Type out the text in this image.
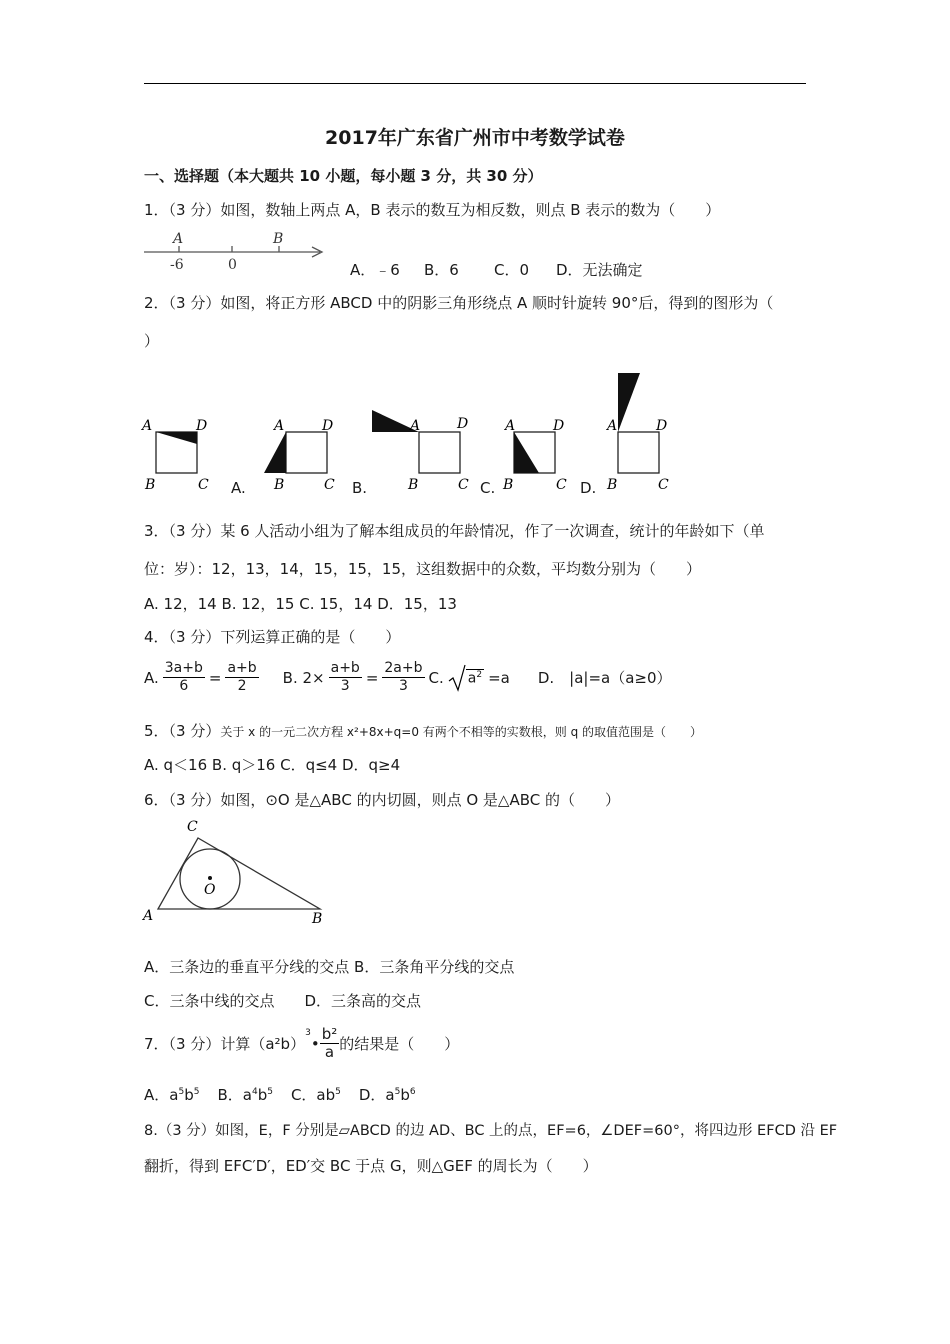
2017年广东省广州市中考数学试卷
一、选择题（本大题共 10 小题，每小题 3 分，共 30 分）
1．（3 分）如图，数轴上两点 A，B 表示的数互为相反数，则点 B 表示的数为（　　）
A	B
-6	0	A．﹣6 B．6 C．0 D．无法确定
2．（3 分）如图，将正方形 ABCD 中的阴影三角形绕点 A 顺时针旋转 90°后，得到的图形为（
）
A	D
B	C A.
A	D
B	C B.
A	D
B	C C.
A	D
B	C D.
A	D
B	C
3．（3 分）某 6 人活动小组为了解本组成员的年龄情况，作了一次调查，统计的年龄如下（单
位：岁）：12，13，14，15，15，15，这组数据中的众数，平均数分别为（　　）
A. 12，14 B. 12，15 C. 15，14 D．15，13
4．（3 分）下列运算正确的是（　　）
A. $\frac{3a+b}{6} = \frac{a+b}{2} B$. $2\times \frac{a+b}{3} = \frac{2a+b}{3} C$. $a^2 =a$ D.　|a|=a（a≥0）
5．（3 分）关于 x 的一元二次方程 x²+8x+q=0 有两个不相等的实数根，则 q 的取值范围是（　　）
A. q＜16 B. q＞16 C．q≤4 D．q≥4
6．（3 分）如图，⊙O 是△ABC 的内切圆，则点 O 是△ABC 的（　　）
C
O
A	B
A．三条边的垂直平分线的交点 B．三条角平分线的交点
C．三条中线的交点　　D．三条高的交点
7．（3 分）计算（a²b）
$^3$
• $\frac{\text{b²}}{a}$ 的结果是（　　）
A．$a^5b^5$ B．$a^4b^5$ C．$ab^5$ D．$a^5b^6$
8.（3 分）如图，E，F 分别是▱ABCD 的边 AD、BC 上的点，EF=6，∠DEF=60°，将四边形 EFCD 沿 EF
翻折，得到 EFC′D′，ED′交 BC 于点 G，则△GEF 的周长为（　　）
